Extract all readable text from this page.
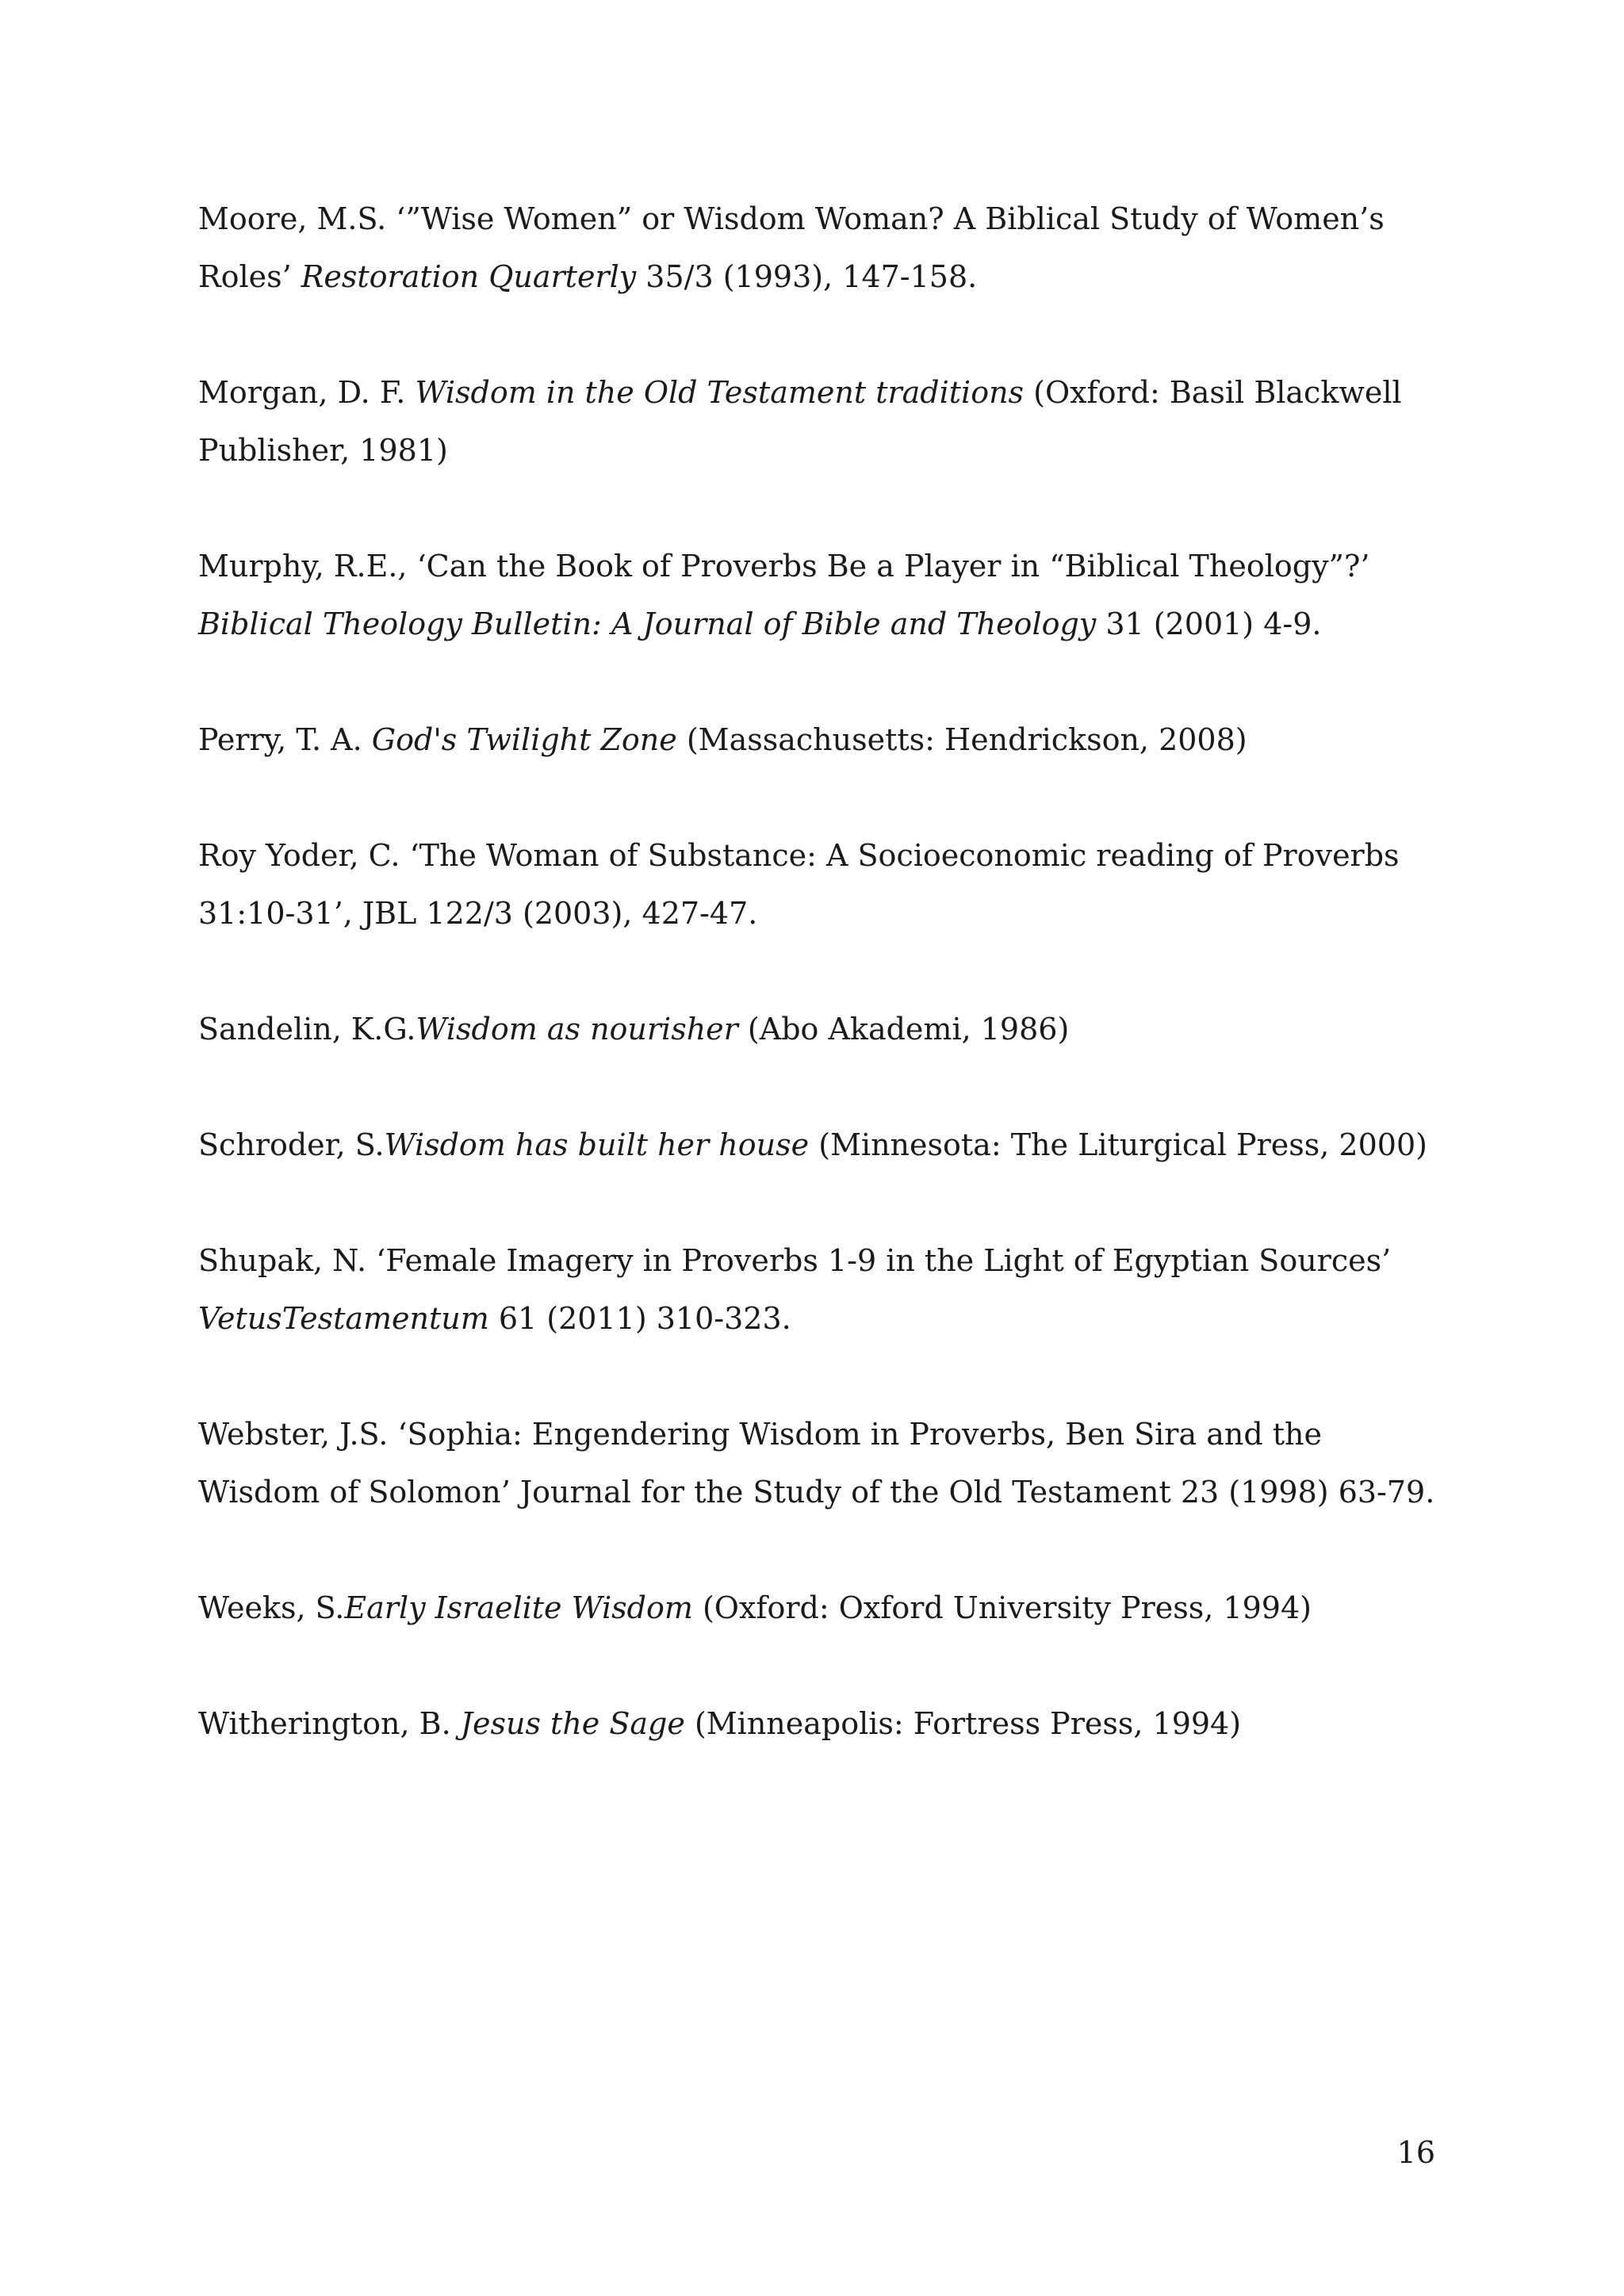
Moore, M.S. ‘”Wise Women” or Wisdom Woman? A Biblical Study of Women’s Roles’ Restoration Quarterly 35/3 (1993), 147-158.

Morgan, D. F. Wisdom in the Old Testament traditions (Oxford: Basil Blackwell Publisher, 1981)

Murphy, R.E., ‘Can the Book of Proverbs Be a Player in “Biblical Theology”?’ Biblical Theology Bulletin: A Journal of Bible and Theology 31 (2001) 4-9.

Perry, T. A. God's Twilight Zone (Massachusetts: Hendrickson, 2008)

Roy Yoder, C. ‘The Woman of Substance: A Socioeconomic reading of Proverbs 31:10-31’, JBL 122/3 (2003), 427-47.

Sandelin, K.G.Wisdom as nourisher (Abo Akademi, 1986)

Schroder, S.Wisdom has built her house (Minnesota: The Liturgical Press, 2000)

Shupak, N. ‘Female Imagery in Proverbs 1-9 in the Light of Egyptian Sources’ VetusTestamentum 61 (2011) 310-323.

Webster, J.S. ‘Sophia: Engendering Wisdom in Proverbs, Ben Sira and the Wisdom of Solomon’ Journal for the Study of the Old Testament 23 (1998) 63-79.

Weeks, S.Early Israelite Wisdom (Oxford: Oxford University Press, 1994)

Witherington, B. Jesus the Sage (Minneapolis: Fortress Press, 1994)

16
